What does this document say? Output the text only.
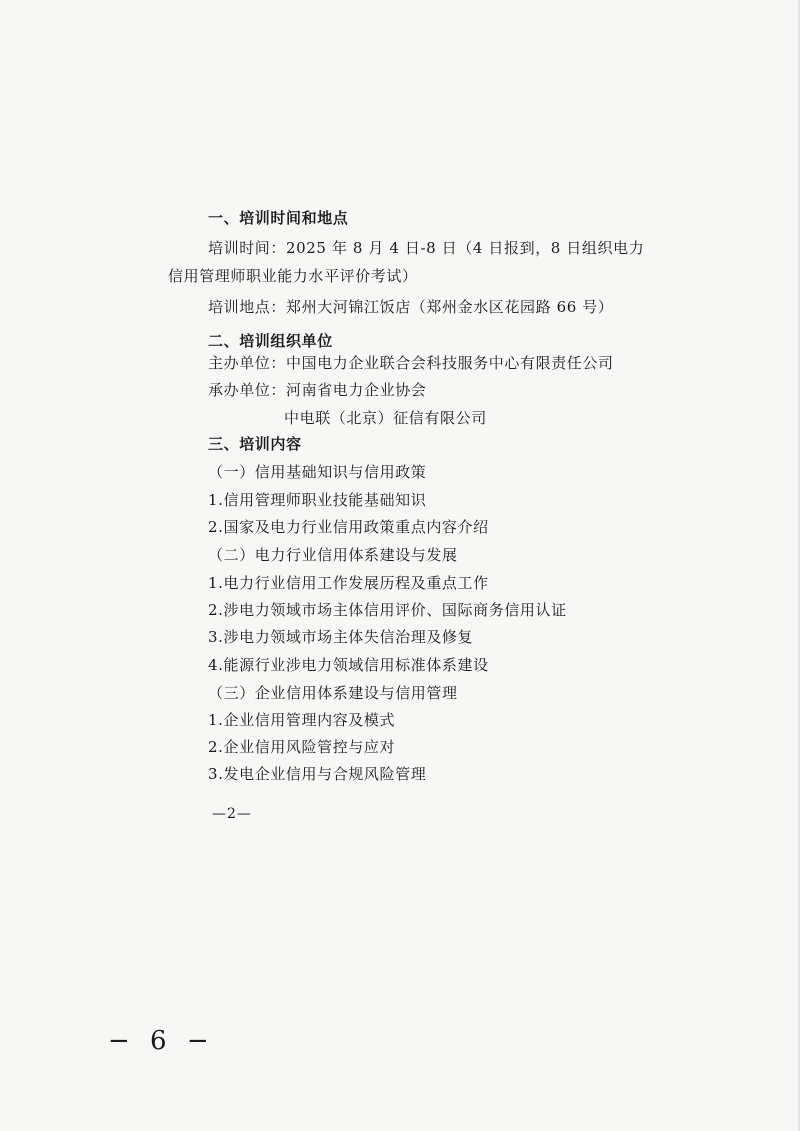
一、培训时间和地点
培训时间：2025 年 8 月 4 日-8 日（4 日报到，8 日组织电力
信用管理师职业能力水平评价考试）
培训地点：郑州大河锦江饭店（郑州金水区花园路 66 号）
二、培训组织单位
主办单位：中国电力企业联合会科技服务中心有限责任公司
承办单位：河南省电力企业协会
中电联（北京）征信有限公司
三、培训内容
（一）信用基础知识与信用政策
1.信用管理师职业技能基础知识
2.国家及电力行业信用政策重点内容介绍
（二）电力行业信用体系建设与发展
1.电力行业信用工作发展历程及重点工作
2.涉电力领域市场主体信用评价、国际商务信用认证
3.涉电力领域市场主体失信治理及修复
4.能源行业涉电力领域信用标准体系建设
（三）企业信用体系建设与信用管理
1.企业信用管理内容及模式
2.企业信用风险管控与应对
3.发电企业信用与合规风险管理
—2—
− 6 −
